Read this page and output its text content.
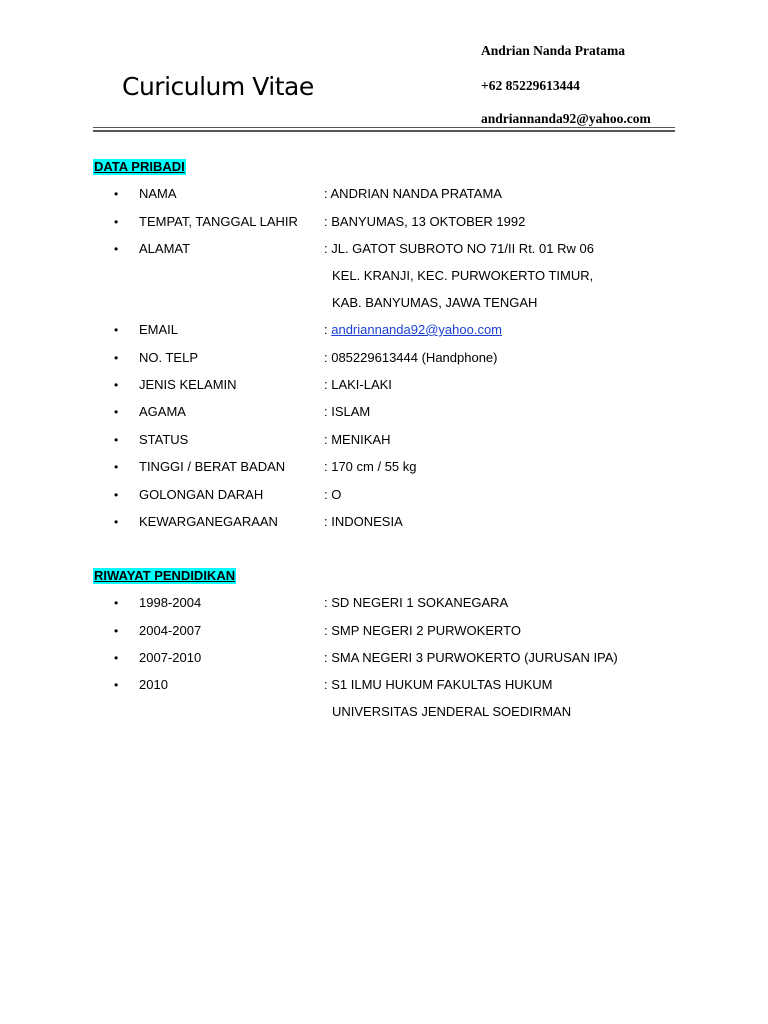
Curiculum Vitae
Andrian Nanda Pratama
+62 85229613444
andriannanda92@yahoo.com
DATA PRIBADI
• NAMA	: ANDRIAN NANDA PRATAMA
• TEMPAT, TANGGAL LAHIR : BANYUMAS, 13 OKTOBER 1992
• ALAMAT	: JL. GATOT SUBROTO NO 71/II Rt. 01 Rw 06
KEL. KRANJI, KEC. PURWOKERTO TIMUR,
KAB. BANYUMAS, JAWA TENGAH
• EMAIL	: andriannanda92@yahoo.com
• NO. TELP	: 085229613444 (Handphone)
• JENIS KELAMIN	: LAKI-LAKI
• AGAMA	: ISLAM
• STATUS	: MENIKAH
• TINGGI / BERAT BADAN	: 170 cm / 55 kg
• GOLONGAN DARAH	: O
• KEWARGANEGARAAN	: INDONESIA
RIWAYAT PENDIDIKAN
• 1998-2004	: SD NEGERI 1 SOKANEGARA
• 2004-2007	: SMP NEGERI 2 PURWOKERTO
• 2007-2010	: SMA NEGERI 3 PURWOKERTO (JURUSAN IPA)
• 2010	: S1 ILMU HUKUM FAKULTAS HUKUM
UNIVERSITAS JENDERAL SOEDIRMAN
